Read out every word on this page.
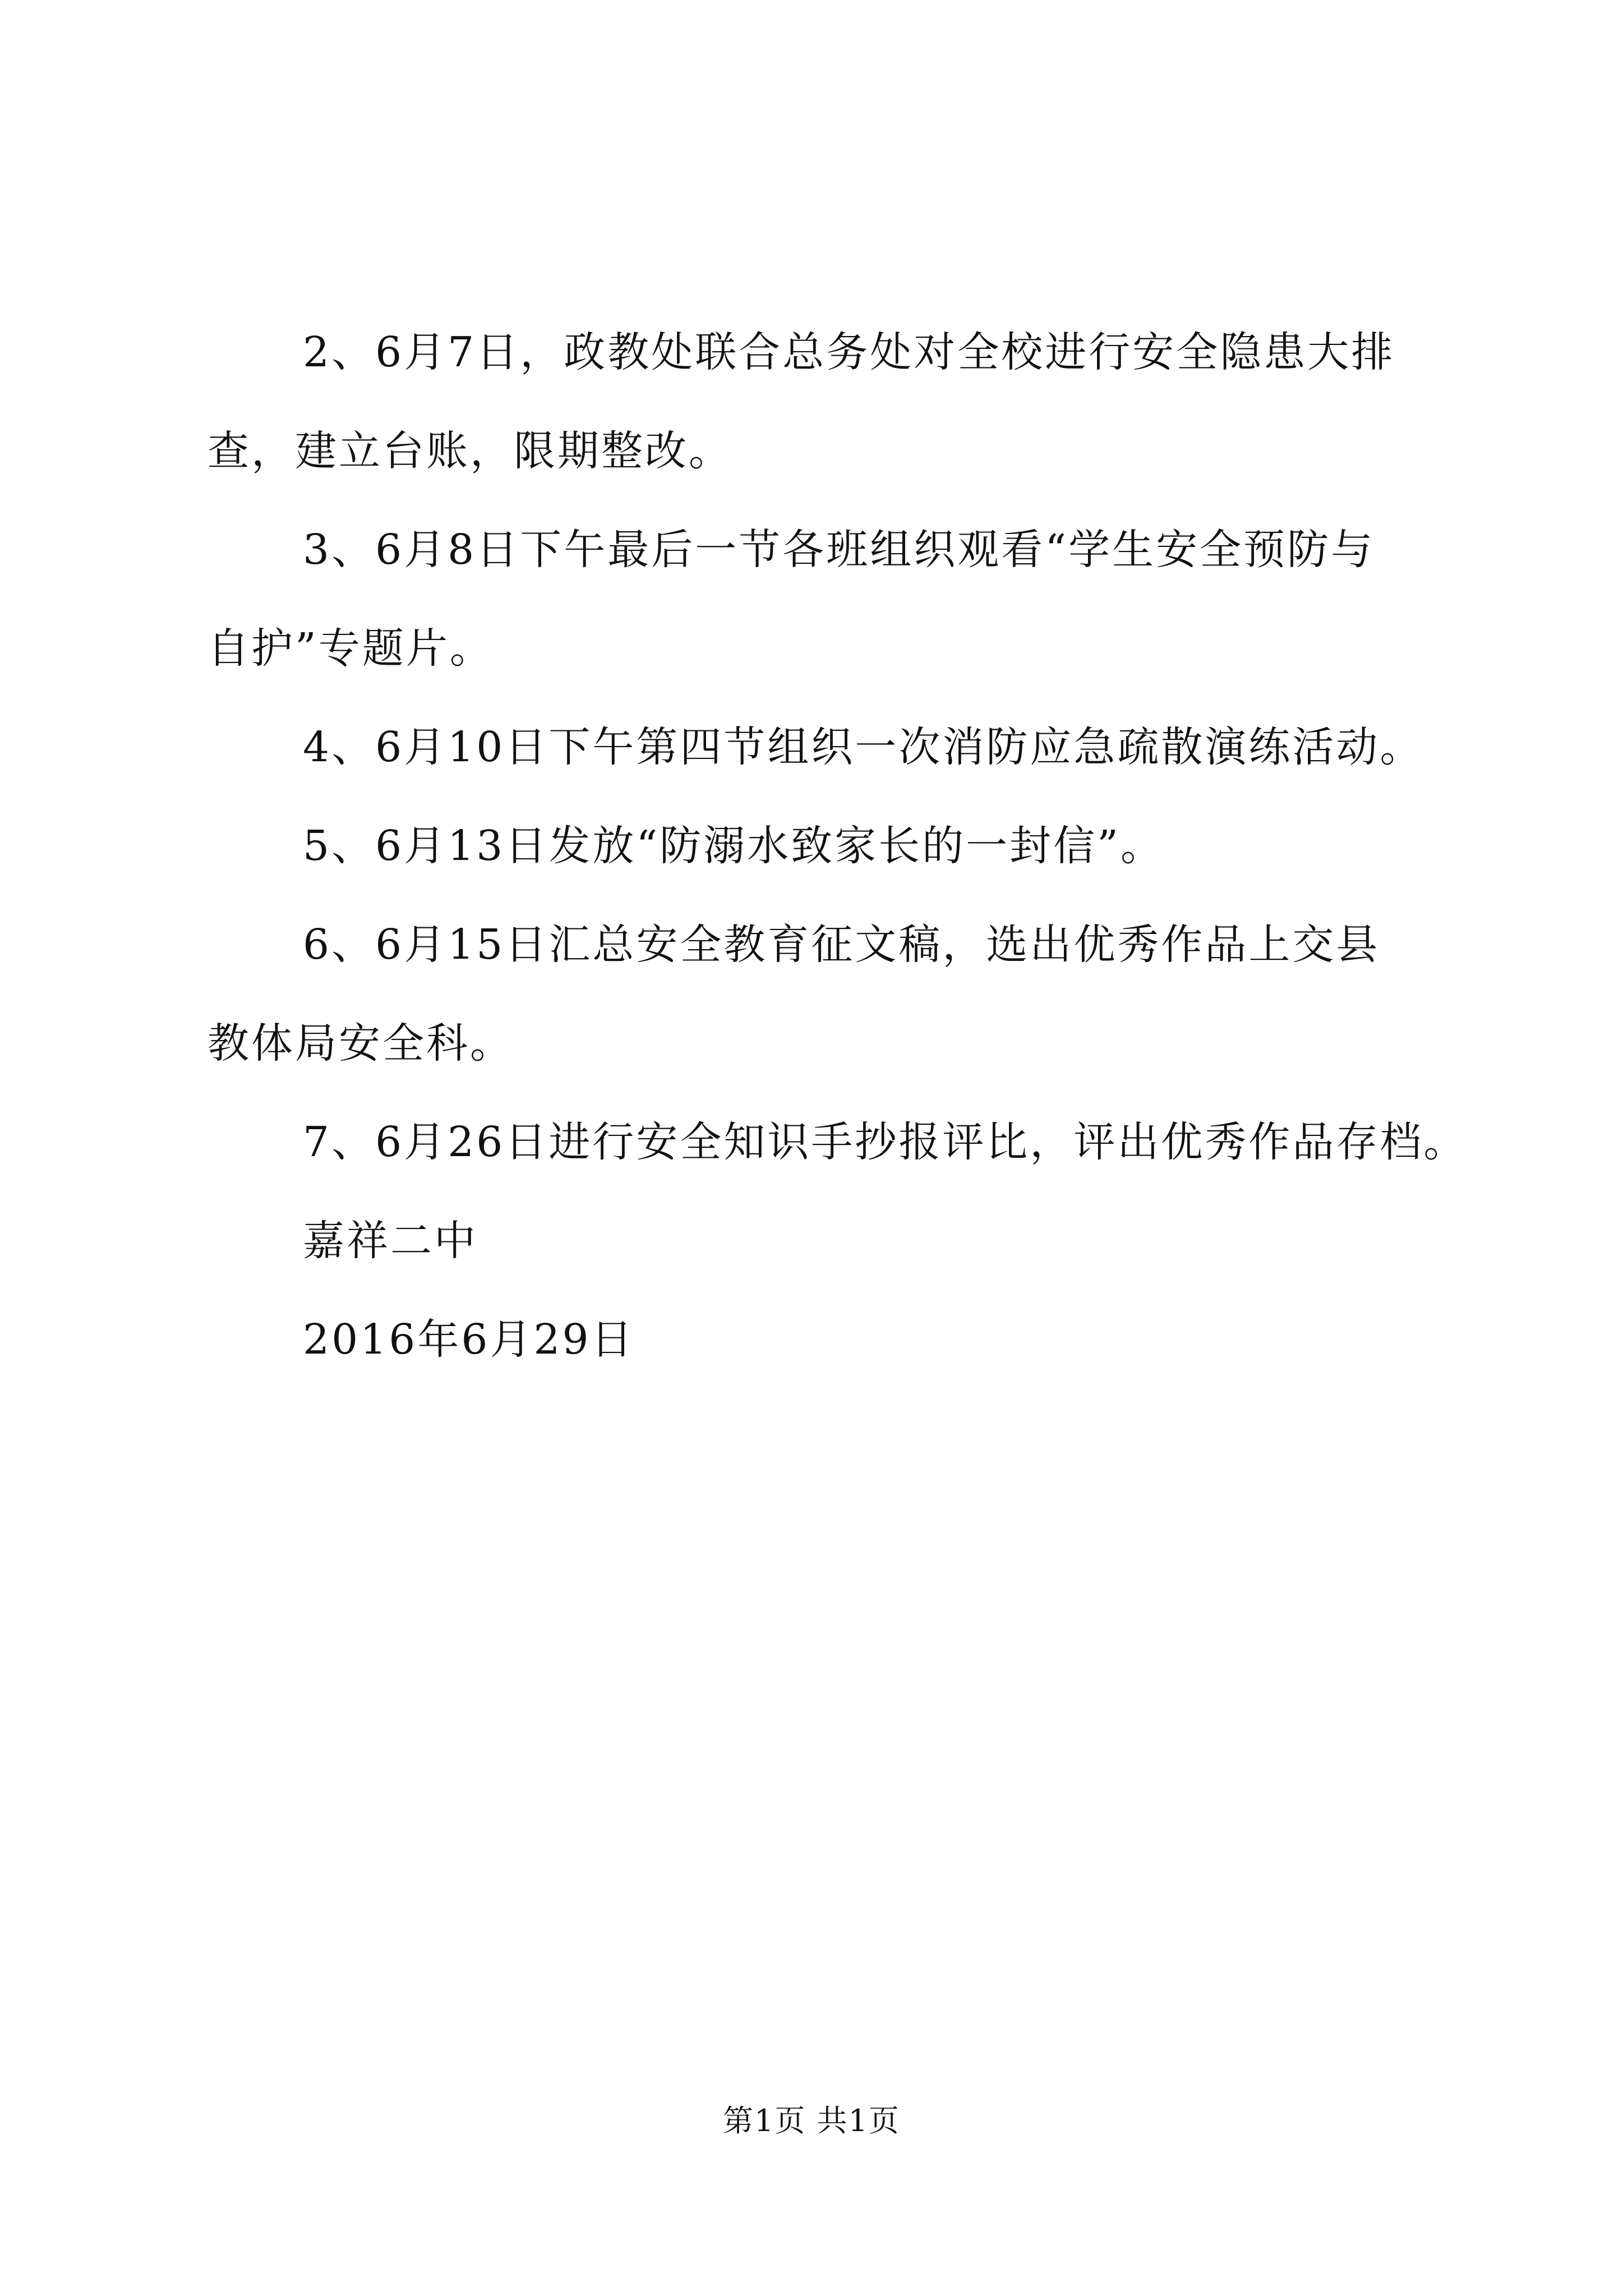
2、6月7日，政教处联合总务处对全校进行安全隐患大排查，建立台账，限期整改。

3、6月8日下午最后一节各班组织观看“学生安全预防与自护”专题片。

4、6月10日下午第四节组织一次消防应急疏散演练活动。

5、6月13日发放“防溺水致家长的一封信”。

6、6月15日汇总安全教育征文稿，选出优秀作品上交县教体局安全科。

7、6月26日进行安全知识手抄报评比，评出优秀作品存档。

嘉祥二中

2016年6月29日

第1页 共1页
